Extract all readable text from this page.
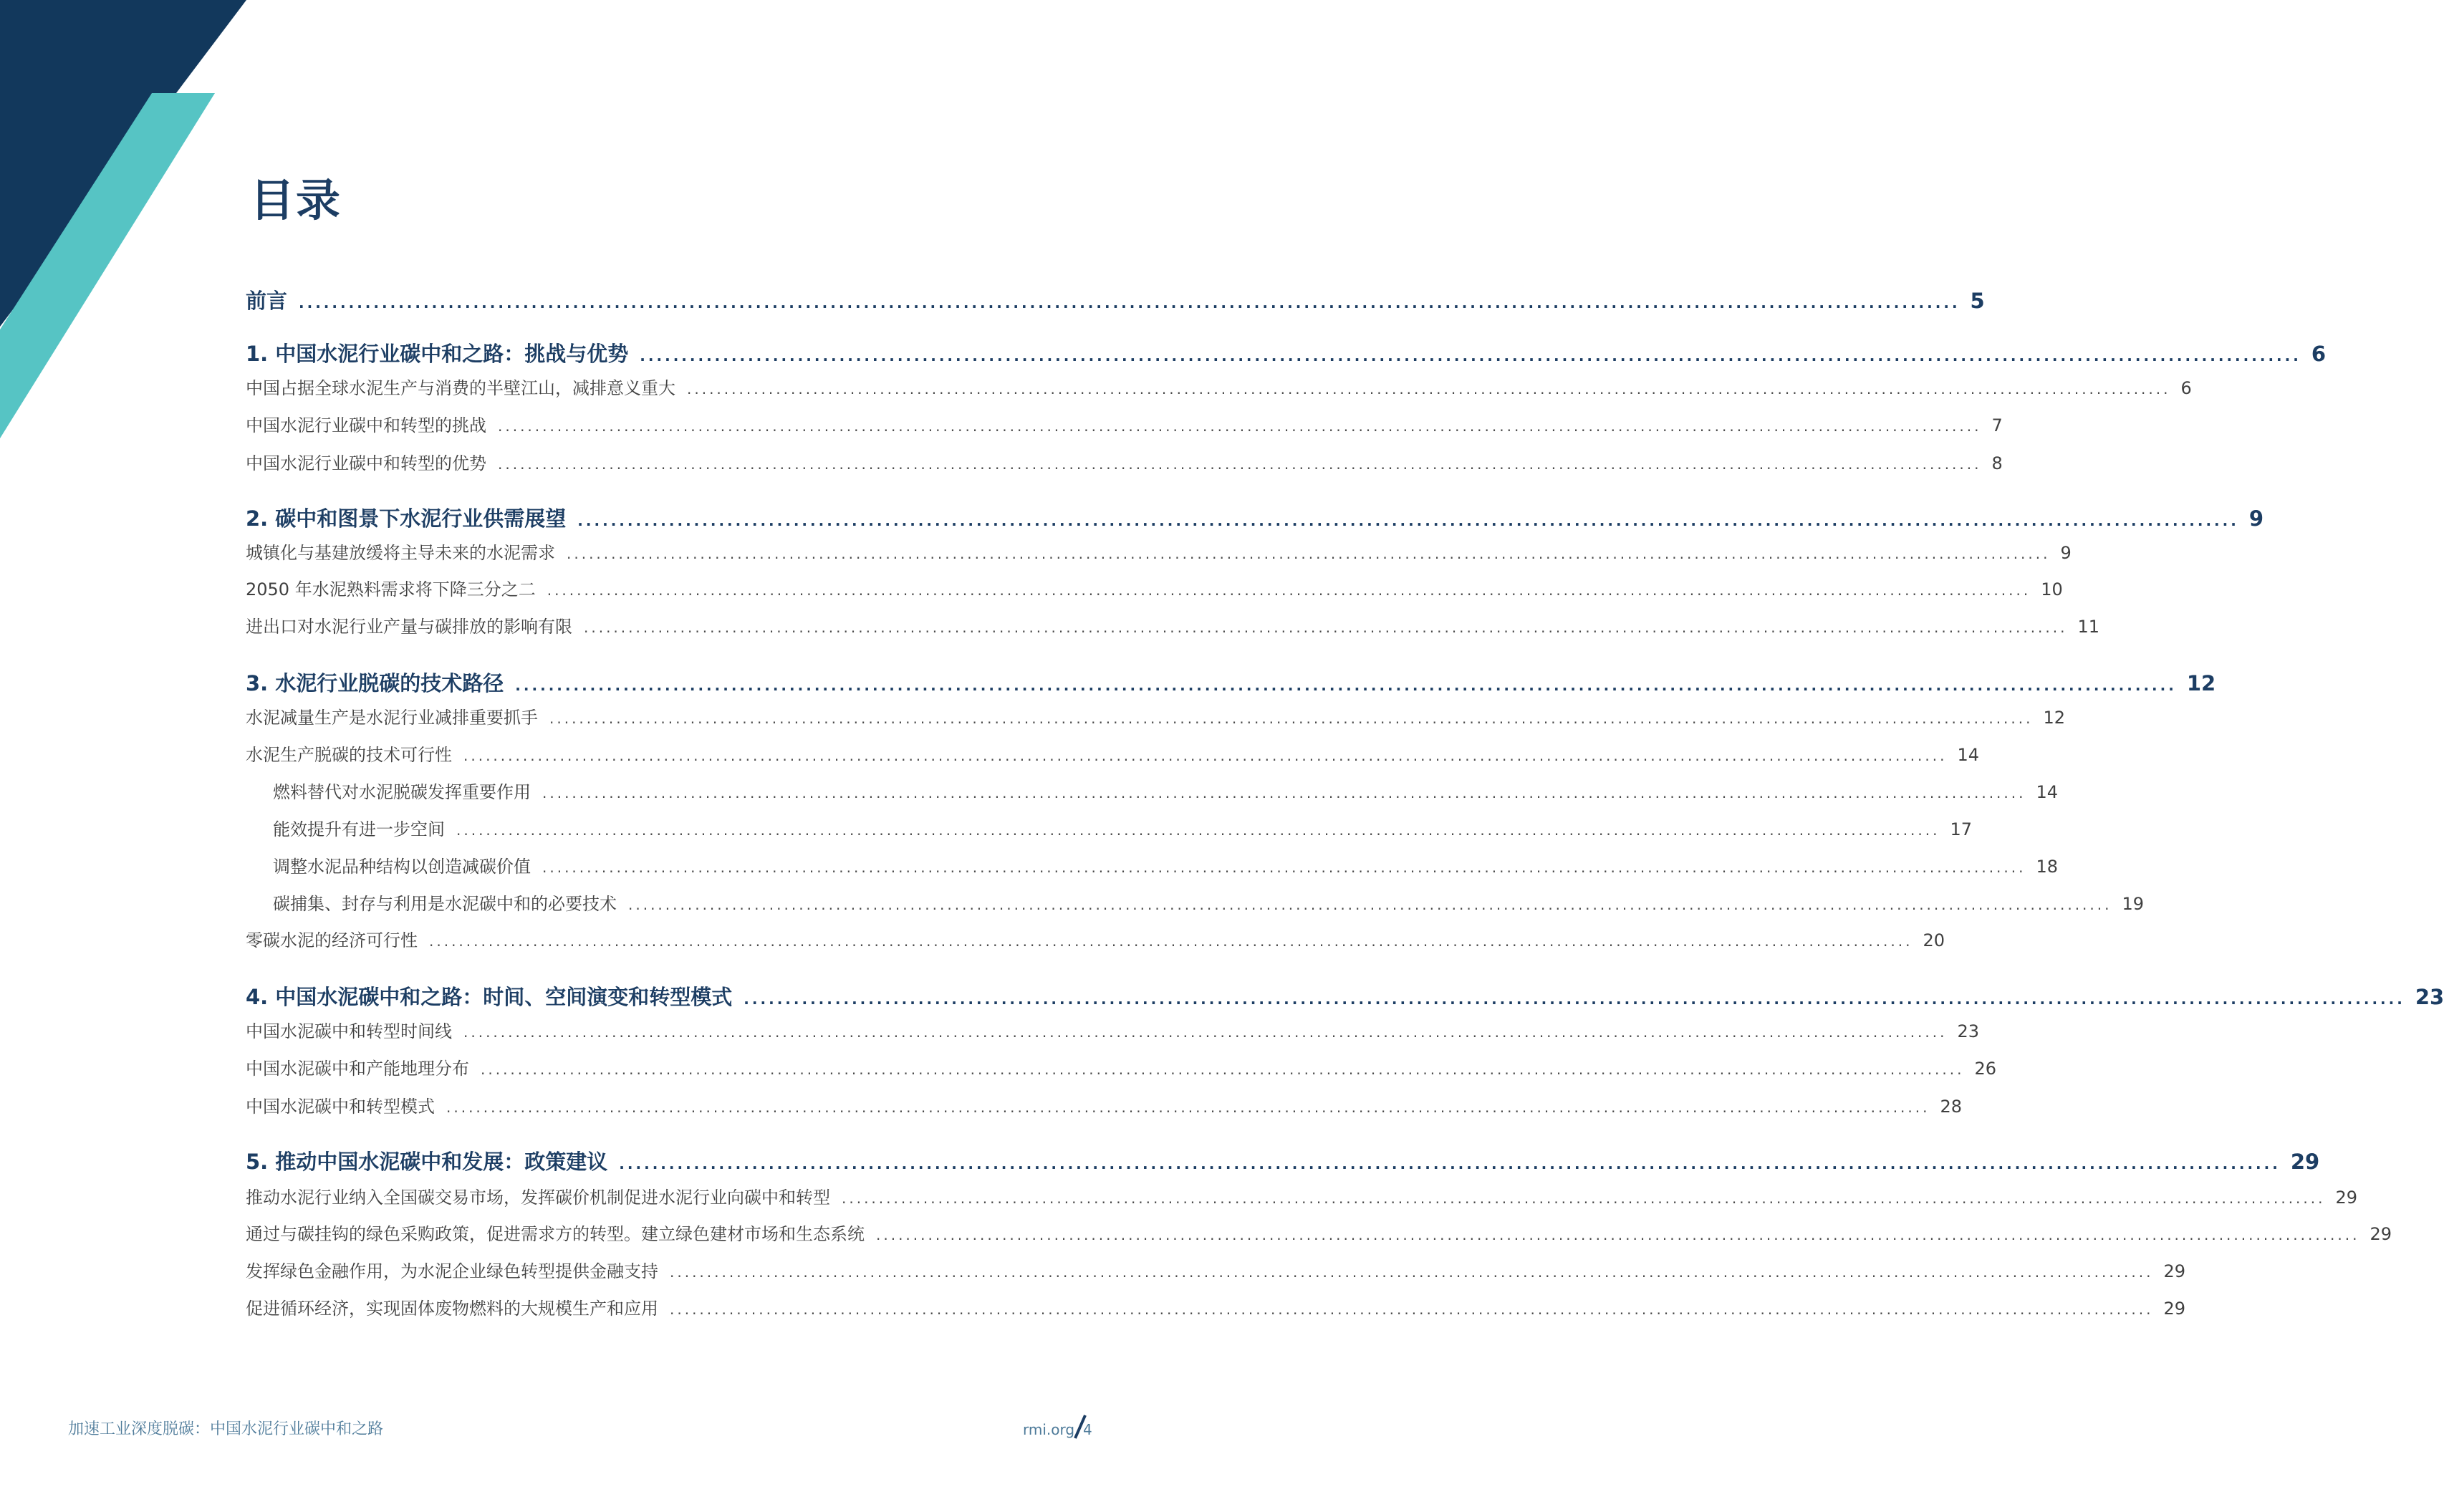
目录
前言 ........................................................................................................................................................................................................ 5
1. 中国水泥行业碳中和之路：挑战与优势 ........................................................................................................................................................................................................ 6
中国占据全球水泥生产与消费的半壁江山，减排意义重大 ........................................................................................................................................................................................................ 6
中国水泥行业碳中和转型的挑战 ........................................................................................................................................................................................................ 7
中国水泥行业碳中和转型的优势 ........................................................................................................................................................................................................ 8
2. 碳中和图景下水泥行业供需展望 ........................................................................................................................................................................................................ 9
城镇化与基建放缓将主导未来的水泥需求 ........................................................................................................................................................................................................ 9
2050 年水泥熟料需求将下降三分之二 ........................................................................................................................................................................................................ 10
进出口对水泥行业产量与碳排放的影响有限 ........................................................................................................................................................................................................ 11
3. 水泥行业脱碳的技术路径 ........................................................................................................................................................................................................ 12
水泥减量生产是水泥行业减排重要抓手 ........................................................................................................................................................................................................ 12
水泥生产脱碳的技术可行性 ........................................................................................................................................................................................................ 14
燃料替代对水泥脱碳发挥重要作用 ........................................................................................................................................................................................................ 14
能效提升有进一步空间 ........................................................................................................................................................................................................ 17
调整水泥品种结构以创造减碳价值 ........................................................................................................................................................................................................ 18
碳捕集、封存与利用是水泥碳中和的必要技术 ........................................................................................................................................................................................................ 19
零碳水泥的经济可行性 ........................................................................................................................................................................................................ 20
4. 中国水泥碳中和之路：时间、空间演变和转型模式 ........................................................................................................................................................................................................ 23
中国水泥碳中和转型时间线 ........................................................................................................................................................................................................ 23
中国水泥碳中和产能地理分布 ........................................................................................................................................................................................................ 26
中国水泥碳中和转型模式 ........................................................................................................................................................................................................ 28
5. 推动中国水泥碳中和发展：政策建议 ........................................................................................................................................................................................................ 29
推动水泥行业纳入全国碳交易市场，发挥碳价机制促进水泥行业向碳中和转型 ........................................................................................................................................................................................................ 29
通过与碳挂钩的绿色采购政策，促进需求方的转型。建立绿色建材市场和生态系统 ........................................................................................................................................................................................................ 29
发挥绿色金融作用，为水泥企业绿色转型提供金融支持 ........................................................................................................................................................................................................ 29
促进循环经济，实现固体废物燃料的大规模生产和应用 ........................................................................................................................................................................................................ 29
加速工业深度脱碳：中国水泥行业碳中和之路	rmi.org 4
